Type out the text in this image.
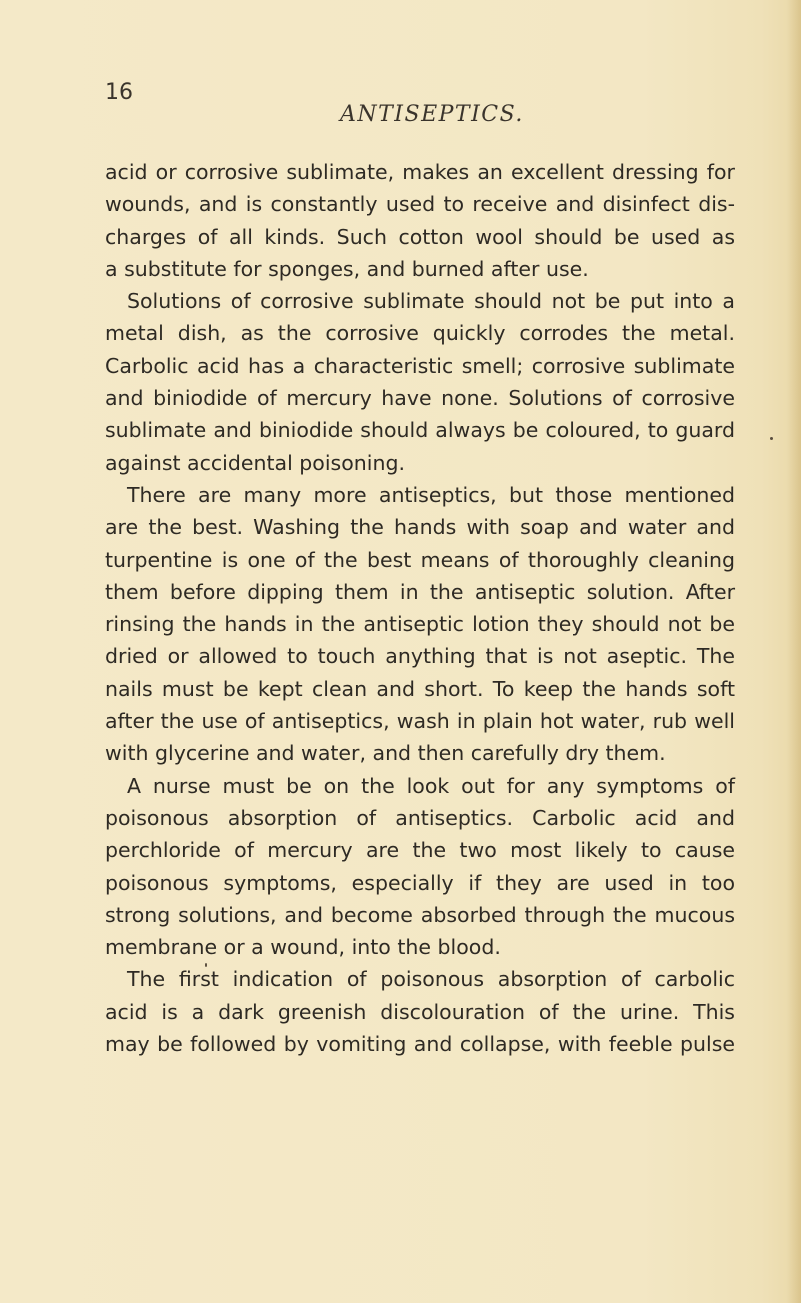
16

ANTISEPTICS.

acid or corrosive sublimate, makes an excellent dressing for
wounds, and is constantly used to receive and disinfect dis-
charges of all kinds. Such cotton wool should be used as
a substitute for sponges, and burned after use.
Solutions of corrosive sublimate should not be put into a
metal dish, as the corrosive quickly corrodes the metal.
Carbolic acid has a characteristic smell; corrosive sublimate
and biniodide of mercury have none. Solutions of corrosive
sublimate and biniodide should always be coloured, to guard
against accidental poisoning.
There are many more antiseptics, but those mentioned
are the best. Washing the hands with soap and water and
turpentine is one of the best means of thoroughly cleaning
them before dipping them in the antiseptic solution. After
rinsing the hands in the antiseptic lotion they should not be
dried or allowed to touch anything that is not aseptic. The
nails must be kept clean and short. To keep the hands soft
after the use of antiseptics, wash in plain hot water, rub well
with glycerine and water, and then carefully dry them.
A nurse must be on the look out for any symptoms of
poisonous absorption of antiseptics. Carbolic acid and
perchloride of mercury are the two most likely to cause
poisonous symptoms, especially if they are used in too
strong solutions, and become absorbed through the mucous
membrane or a wound, into the blood.
The first indication of poisonous absorption of carbolic
acid is a dark greenish discolouration of the urine. This
may be followed by vomiting and collapse, with feeble pulse
